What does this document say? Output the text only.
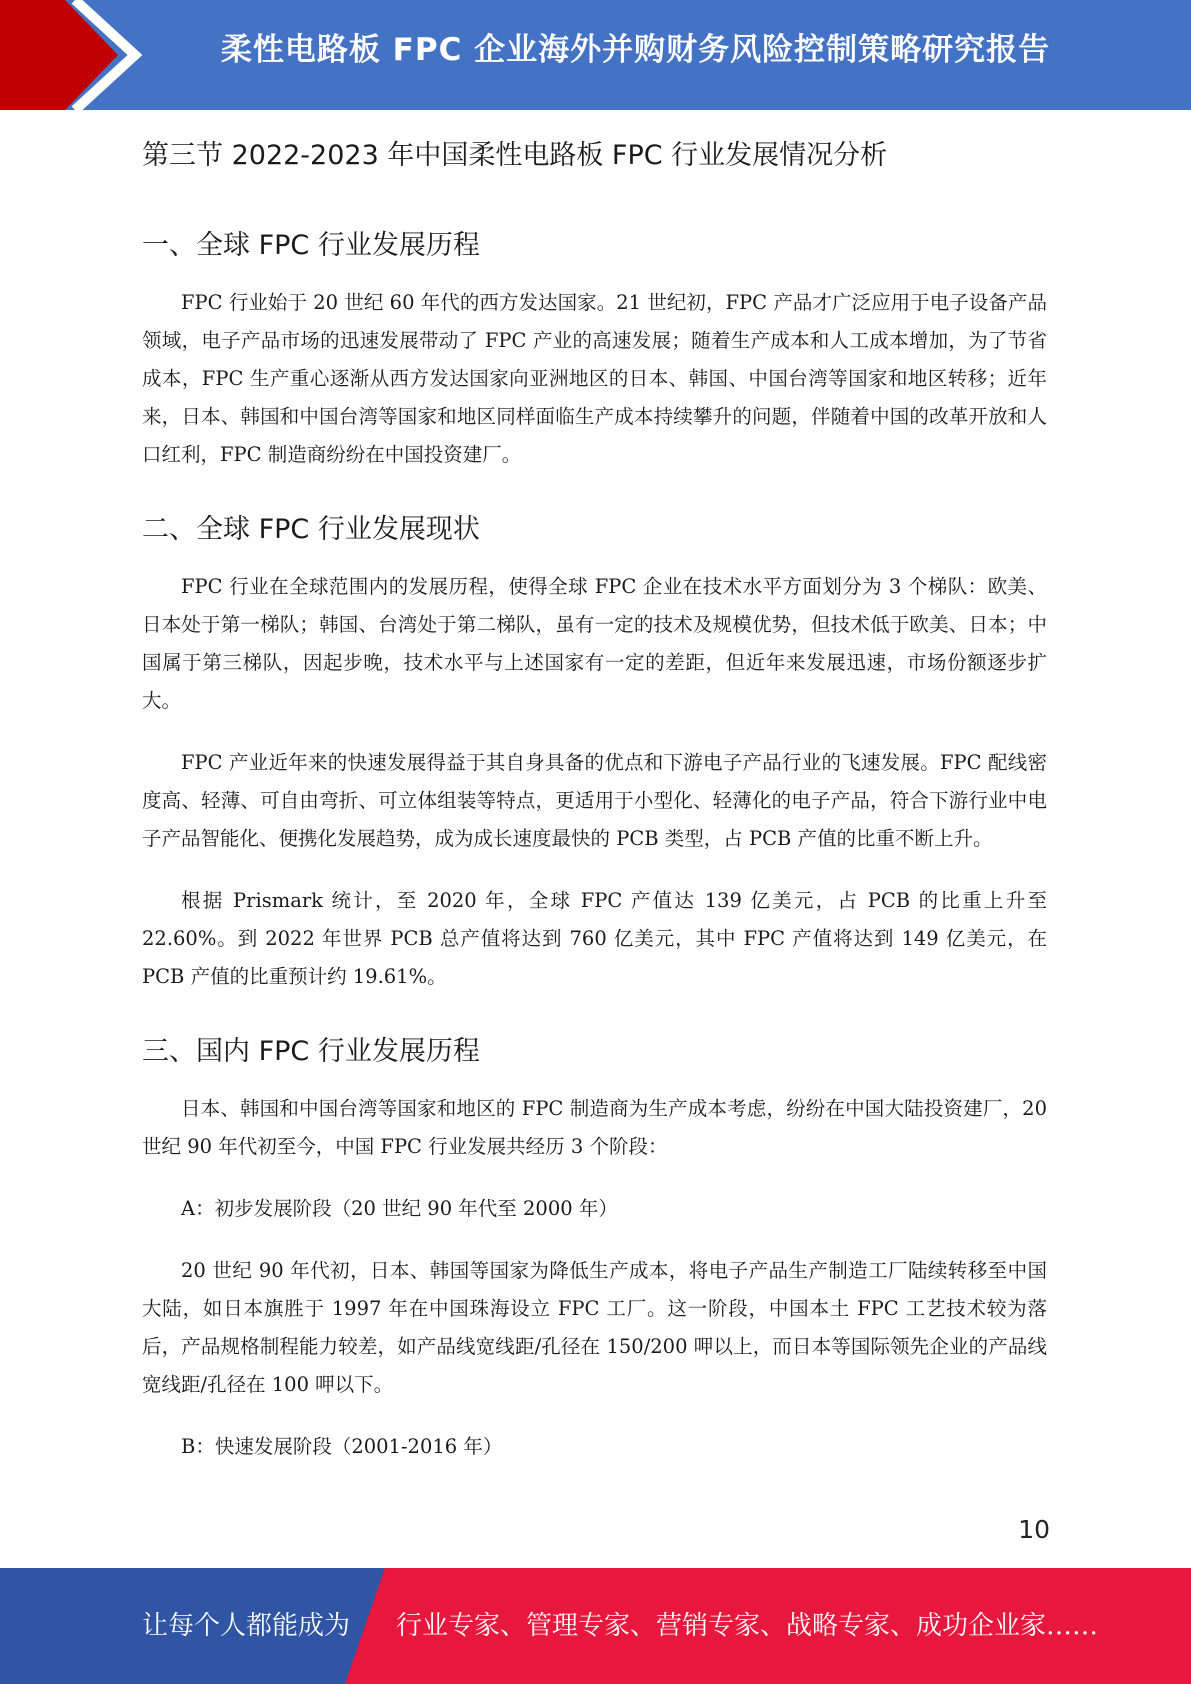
柔性电路板 FPC 企业海外并购财务风险控制策略研究报告
第三节 2022-2023 年中国柔性电路板 FPC 行业发展情况分析
一、全球 FPC 行业发展历程

FPC 行业始于 20 世纪 60 年代的西方发达国家。21 世纪初，FPC 产品才广泛应用于电子设备产品领域，电子产品市场的迅速发展带动了 FPC 产业的高速发展；随着生产成本和人工成本增加，为了节省成本，FPC 生产重心逐渐从西方发达国家向亚洲地区的日本、韩国、中国台湾等国家和地区转移；近年来，日本、韩国和中国台湾等国家和地区同样面临生产成本持续攀升的问题，伴随着中国的改革开放和人口红利，FPC 制造商纷纷在中国投资建厂。

二、全球 FPC 行业发展现状

FPC 行业在全球范围内的发展历程，使得全球 FPC 企业在技术水平方面划分为 3 个梯队：欧美、日本处于第一梯队；韩国、台湾处于第二梯队，虽有一定的技术及规模优势，但技术低于欧美、日本；中国属于第三梯队，因起步晚，技术水平与上述国家有一定的差距，但近年来发展迅速，市场份额逐步扩大。

FPC 产业近年来的快速发展得益于其自身具备的优点和下游电子产品行业的飞速发展。FPC 配线密度高、轻薄、可自由弯折、可立体组装等特点，更适用于小型化、轻薄化的电子产品，符合下游行业中电子产品智能化、便携化发展趋势，成为成长速度最快的 PCB 类型，占 PCB 产值的比重不断上升。

根据 Prismark 统计，至 2020 年，全球 FPC 产值达 139 亿美元，占 PCB 的比重上升至 22.60%。到 2022 年世界 PCB 总产值将达到 760 亿美元，其中 FPC 产值将达到 149 亿美元，在 PCB 产值的比重预计约 19.61%。

三、国内 FPC 行业发展历程

日本、韩国和中国台湾等国家和地区的 FPC 制造商为生产成本考虑，纷纷在中国大陆投资建厂，20 世纪 90 年代初至今，中国 FPC 行业发展共经历 3 个阶段：

A：初步发展阶段（20 世纪 90 年代至 2000 年）

20 世纪 90 年代初，日本、韩国等国家为降低生产成本，将电子产品生产制造工厂陆续转移至中国大陆，如日本旗胜于 1997 年在中国珠海设立 FPC 工厂。这一阶段，中国本土 FPC 工艺技术较为落后，产品规格制程能力较差，如产品线宽线距/孔径在 150/200 呷以上，而日本等国际领先企业的产品线宽线距/孔径在 100 呷以下。

B：快速发展阶段（2001-2016 年）

10
让每个人都能成为 行业专家、管理专家、营销专家、战略专家、成功企业家……
